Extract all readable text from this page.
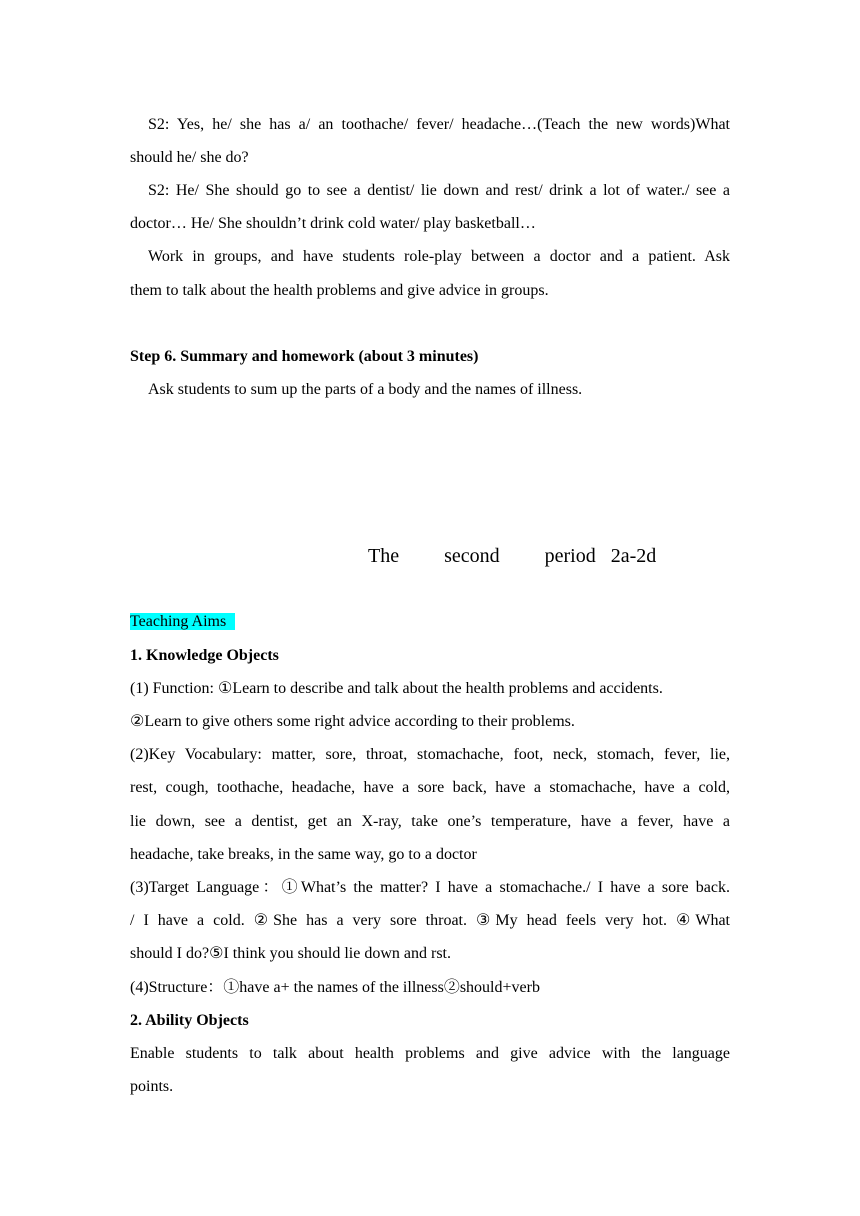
S2: Yes, he/ she has a/ an toothache/ fever/ headache…(Teach the new words)What
should he/ she do?
S2: He/ She should go to see a dentist/ lie down and rest/ drink a lot of water./ see a
doctor… He/ She shouldn’t drink cold water/ play basketball…
Work in groups, and have students role-play between a doctor and a patient. Ask
them to talk about the health problems and give advice in groups.
Step 6. Summary and homework (about 3 minutes)
Ask students to sum up the parts of a body and the names of illness.
Teaching Aims
1. Knowledge Objects
(1) Function: ①Learn to describe and talk about the health problems and accidents.
②Learn to give others some right advice according to their problems.
(2)Key Vocabulary: matter, sore, throat, stomachache, foot, neck, stomach, fever, lie,
rest, cough, toothache, headache, have a sore back, have a stomachache, have a cold,
lie down, see a dentist, get an X-ray, take one’s temperature, have a fever, have a
headache, take breaks, in the same way, go to a doctor
(3)Target Language：①What’s the matter? I have a stomachache./ I have a sore back.
/ I have a cold. ②She has a very sore throat. ③My head feels very hot. ④What
should I do?⑤I think you should lie down and rst.
(4)Structure：①have a+ the names of the illness②should+verb
2. Ability Objects
Enable students to talk about health problems and give advice with the language
points.
The   second   period 2a-2d
